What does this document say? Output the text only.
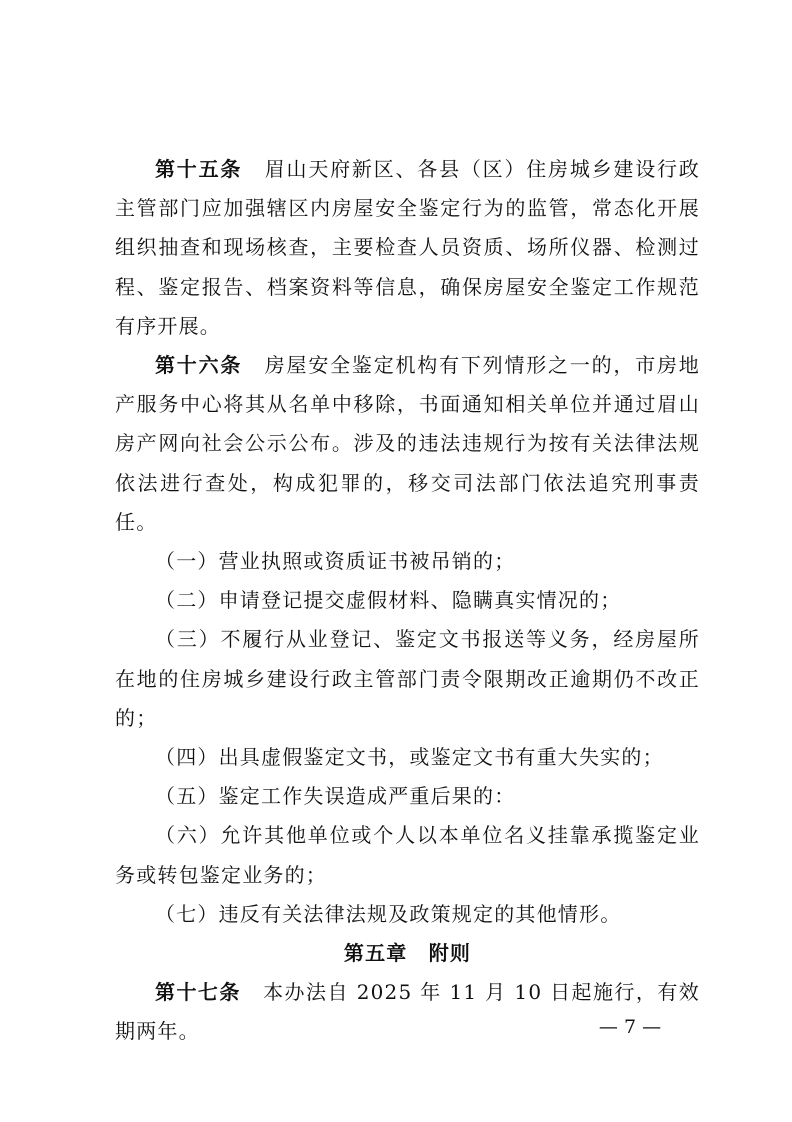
第十五条 眉山天府新区、各县（区）住房城乡建设行政主管部门应加强辖区内房屋安全鉴定行为的监管，常态化开展组织抽查和现场核查，主要检查人员资质、场所仪器、检测过程、鉴定报告、档案资料等信息，确保房屋安全鉴定工作规范有序开展。

第十六条 房屋安全鉴定机构有下列情形之一的，市房地产服务中心将其从名单中移除，书面通知相关单位并通过眉山房产网向社会公示公布。涉及的违法违规行为按有关法律法规依法进行查处，构成犯罪的，移交司法部门依法追究刑事责任。

（一）营业执照或资质证书被吊销的；

（二）申请登记提交虚假材料、隐瞒真实情况的；

（三）不履行从业登记、鉴定文书报送等义务，经房屋所在地的住房城乡建设行政主管部门责令限期改正逾期仍不改正的；

（四）出具虚假鉴定文书，或鉴定文书有重大失实的；

（五）鉴定工作失误造成严重后果的：

（六）允许其他单位或个人以本单位名义挂靠承揽鉴定业务或转包鉴定业务的；

（七）违反有关法律法规及政策规定的其他情形。

第五章　附则

第十七条 本办法自 2025 年 11 月 10 日起施行，有效期两年。	— 7 —
